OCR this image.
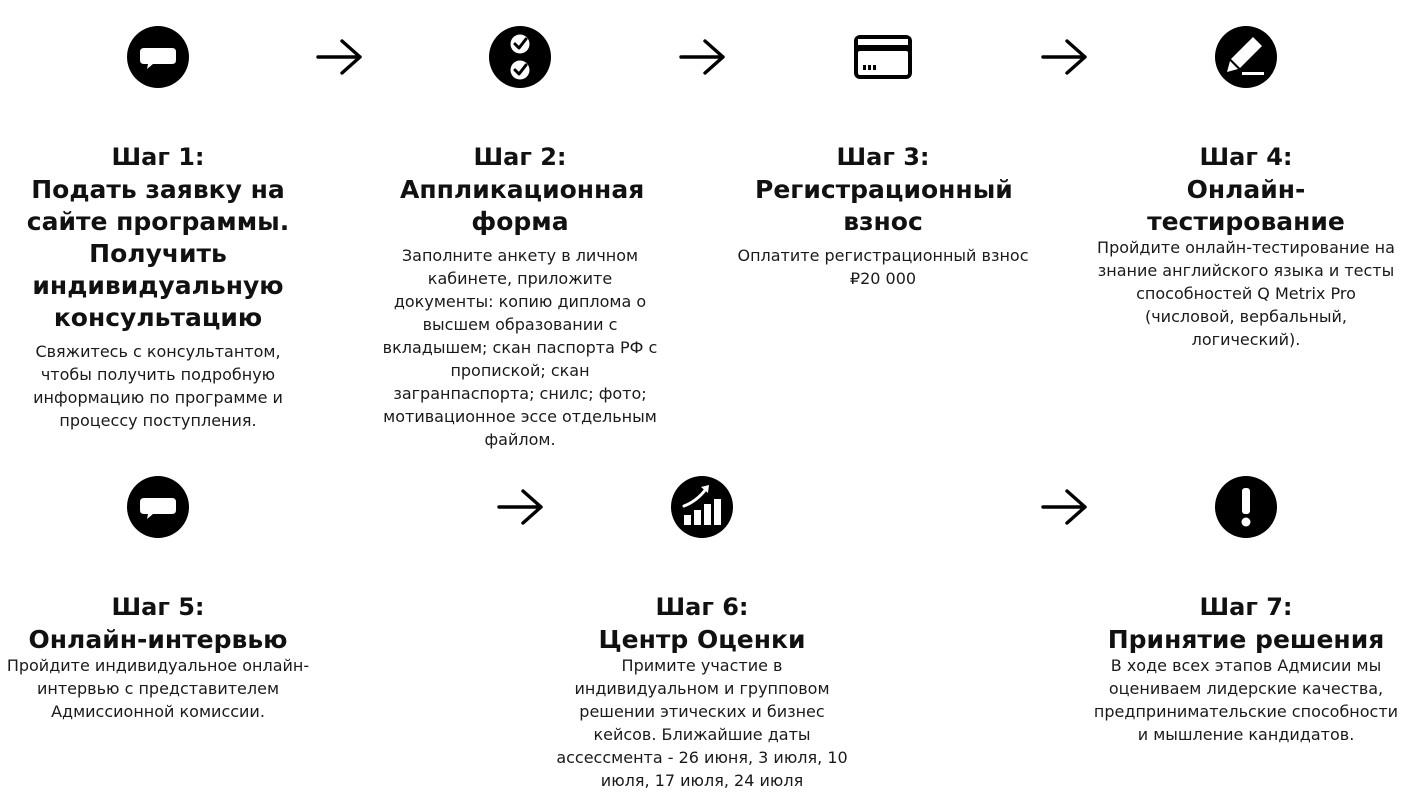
Шаг 1:

Подать заявку на сайте программы. Получить индивидуальную консультацию

Свяжитесь с консультантом, чтобы получить подробную информацию по программе и процессу поступления.

Шаг 2:

Аппликационная форма

Заполните анкету в личном кабинете, приложите документы: копию диплома о высшем образовании с вкладышем; скан паспорта РФ с пропиской; скан загранпаспорта; снилс; фото; мотивационное эссе отдельным файлом.

Шаг 3:

Регистрационный взнос

Оплатите регистрационный взнос ₽20 000

Шаг 4:

Онлайн-тестирование

Пройдите онлайн-тестирование на знание английского языка и тесты способностей Q Metrix Pro (числовой, вербальный, логический).

Шаг 5:

Онлайн-интервью

Пройдите индивидуальное онлайн-интервью с представителем Адмиссионной комиссии.

Шаг 6:

Центр Оценки

Примите участие в индивидуальном и групповом решении этических и бизнес кейсов. Ближайшие даты ассессмента - 26 июня, 3 июля, 10 июля, 17 июля, 24 июля

Шаг 7:

Принятие решения

В ходе всех этапов Адмисии мы оцениваем лидерские качества, предпринимательские способности и мышление кандидатов.
